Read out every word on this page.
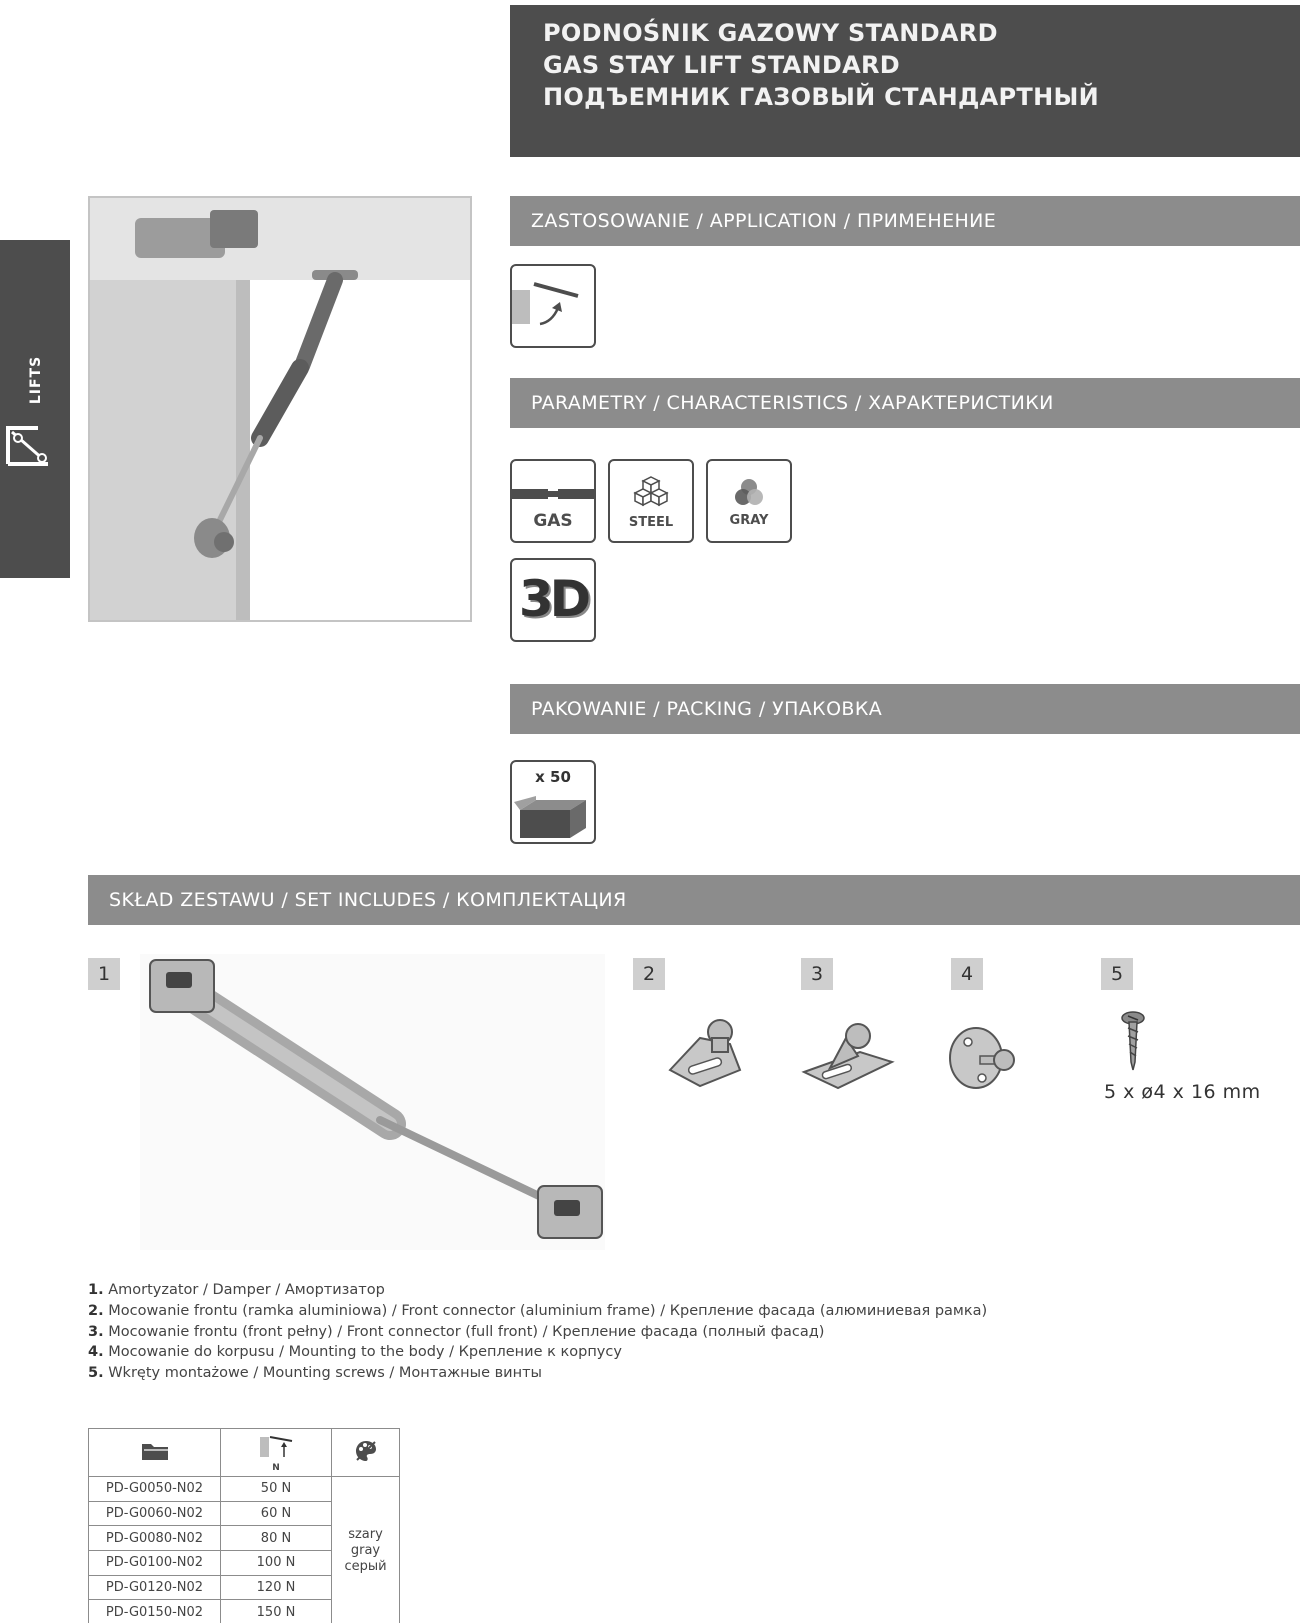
PODNOŚNIK GAZOWY STANDARD
GAS STAY LIFT STANDARD
ПОДЪЕМНИК ГАЗОВЫЙ СТАНДАРТНЫЙ
LIFTS
ZASTOSOWANIE / APPLICATION / ПРИМЕНЕНИЕ
PARAMETRY / CHARACTERISTICS / ХАРАКТЕРИСТИКИ
GAS	STEEL	GRAY
3D
PAKOWANIE / PACKING / УПАКОВКА
x 50
SKŁAD ZESTAWU / SET INCLUDES / КОМПЛЕКТАЦИЯ
1	2	3	4	5
5 x ø4 x 16 mm
1. Amortyzator / Damper / Амортизатор
2. Mocowanie frontu (ramka aluminiowa) / Front connector (aluminium frame) / Крепление фасада (алюминиевая рамка)
3. Mocowanie frontu (front pełny) / Front connector (full front) / Крепление фасада (полный фасад)
4. Mocowanie do korpusu / Mounting to the body / Крепление к корпусу
5. Wkręty montażowe / Mounting screws / Монтажные винты

N

PD-G0050-N02	50 N	szary
gray
серый

PD-G0060-N02	60 N	
PD-G0080-N02	80 N	
PD-G0100-N02	100 N	
PD-G0120-N02	120 N	
PD-G0150-N02	150 N	
